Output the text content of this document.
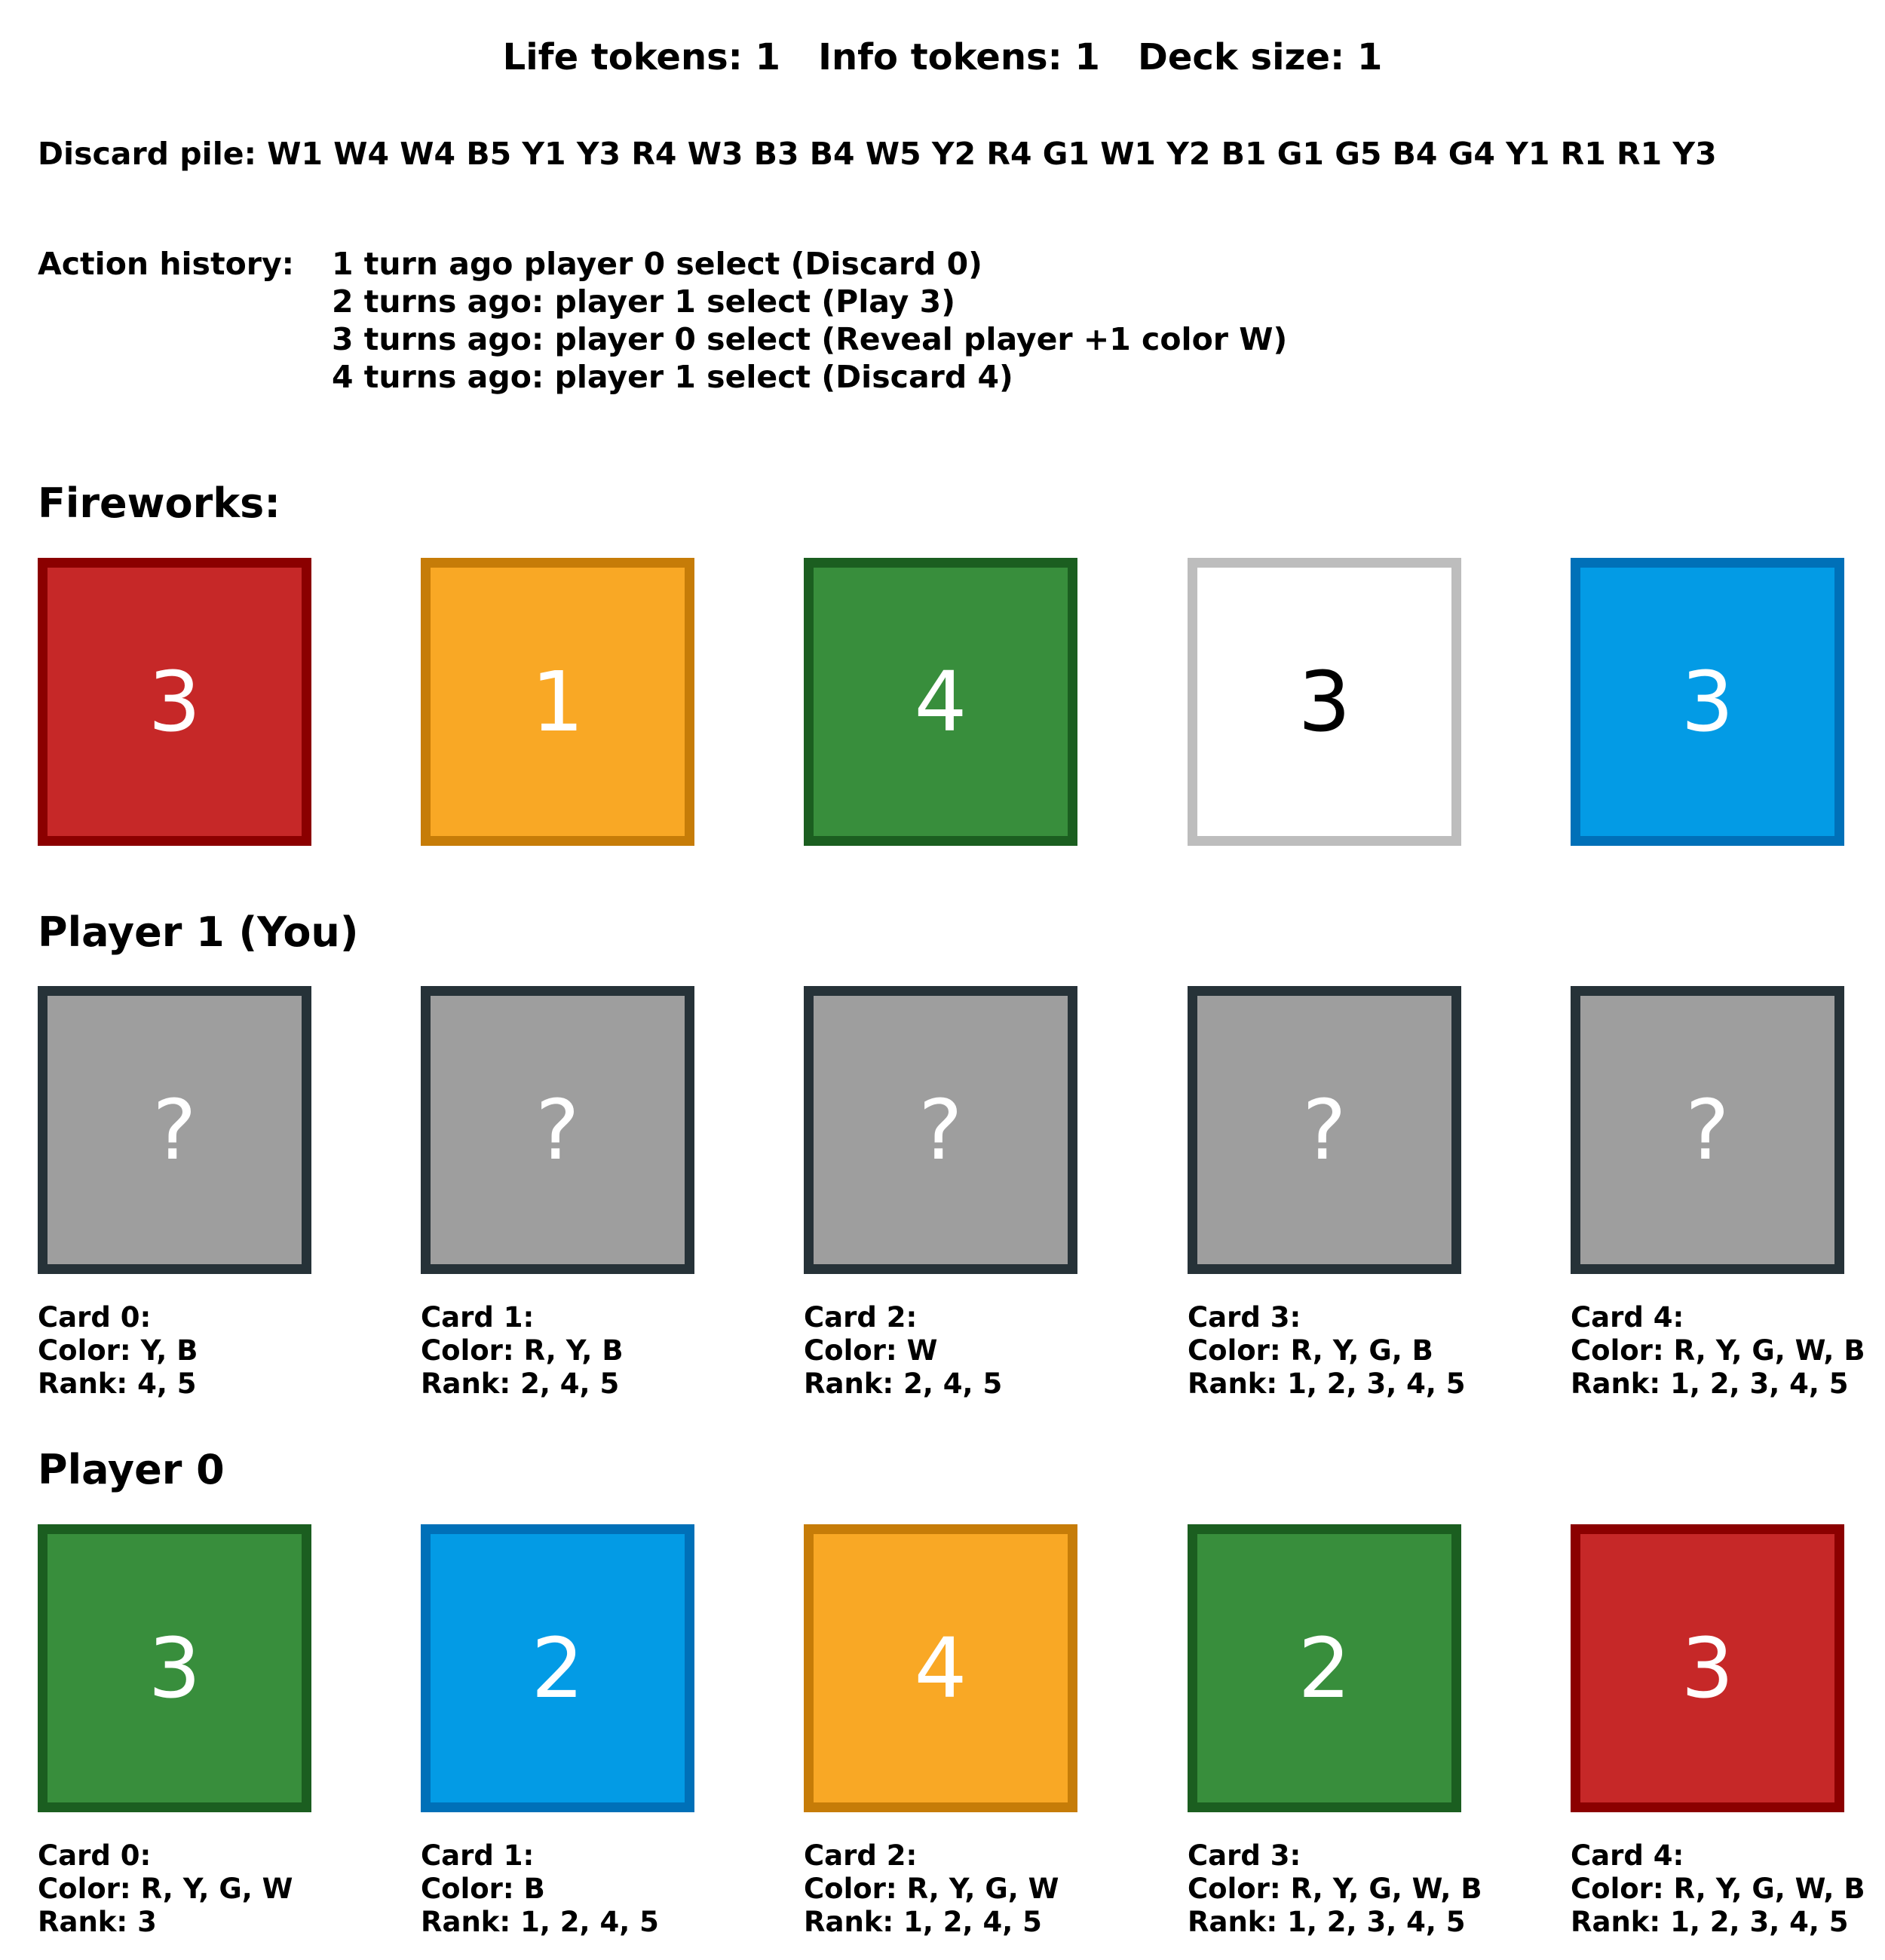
Life tokens: 1 Info tokens: 1 Deck size: 1
Discard pile: W1 W4 W4 B5 Y1 Y3 R4 W3 B3 B4 W5 Y2 R4 G1 W1 Y2 B1 G1 G5 B4 G4 Y1 R1 R1 Y3
Action history: 1 turn ago player 0 select (Discard 0)
2 turns ago: player 1 select (Play 3)
3 turns ago: player 0 select (Reveal player +1 color W)
4 turns ago: player 1 select (Discard 4)
Fireworks:
3	1	4	3	3
Player 1 (You)
?	?	?	?	?
Card 0:
Color: Y, B
Rank: 4, 5
Card 1:
Color: R, Y, B
Rank: 2, 4, 5
Card 2:
Color: W
Rank: 2, 4, 5
Card 3:
Color: R, Y, G, B
Rank: 1, 2, 3, 4, 5
Card 4:
Color: R, Y, G, W, B
Rank: 1, 2, 3, 4, 5
Player 0
3	2	4	2	3
Card 0:
Color: R, Y, G, W
Rank: 3
Card 1:
Color: B
Rank: 1, 2, 4, 5
Card 2:
Color: R, Y, G, W
Rank: 1, 2, 4, 5
Card 3:
Color: R, Y, G, W, B
Rank: 1, 2, 3, 4, 5
Card 4:
Color: R, Y, G, W, B
Rank: 1, 2, 3, 4, 5
